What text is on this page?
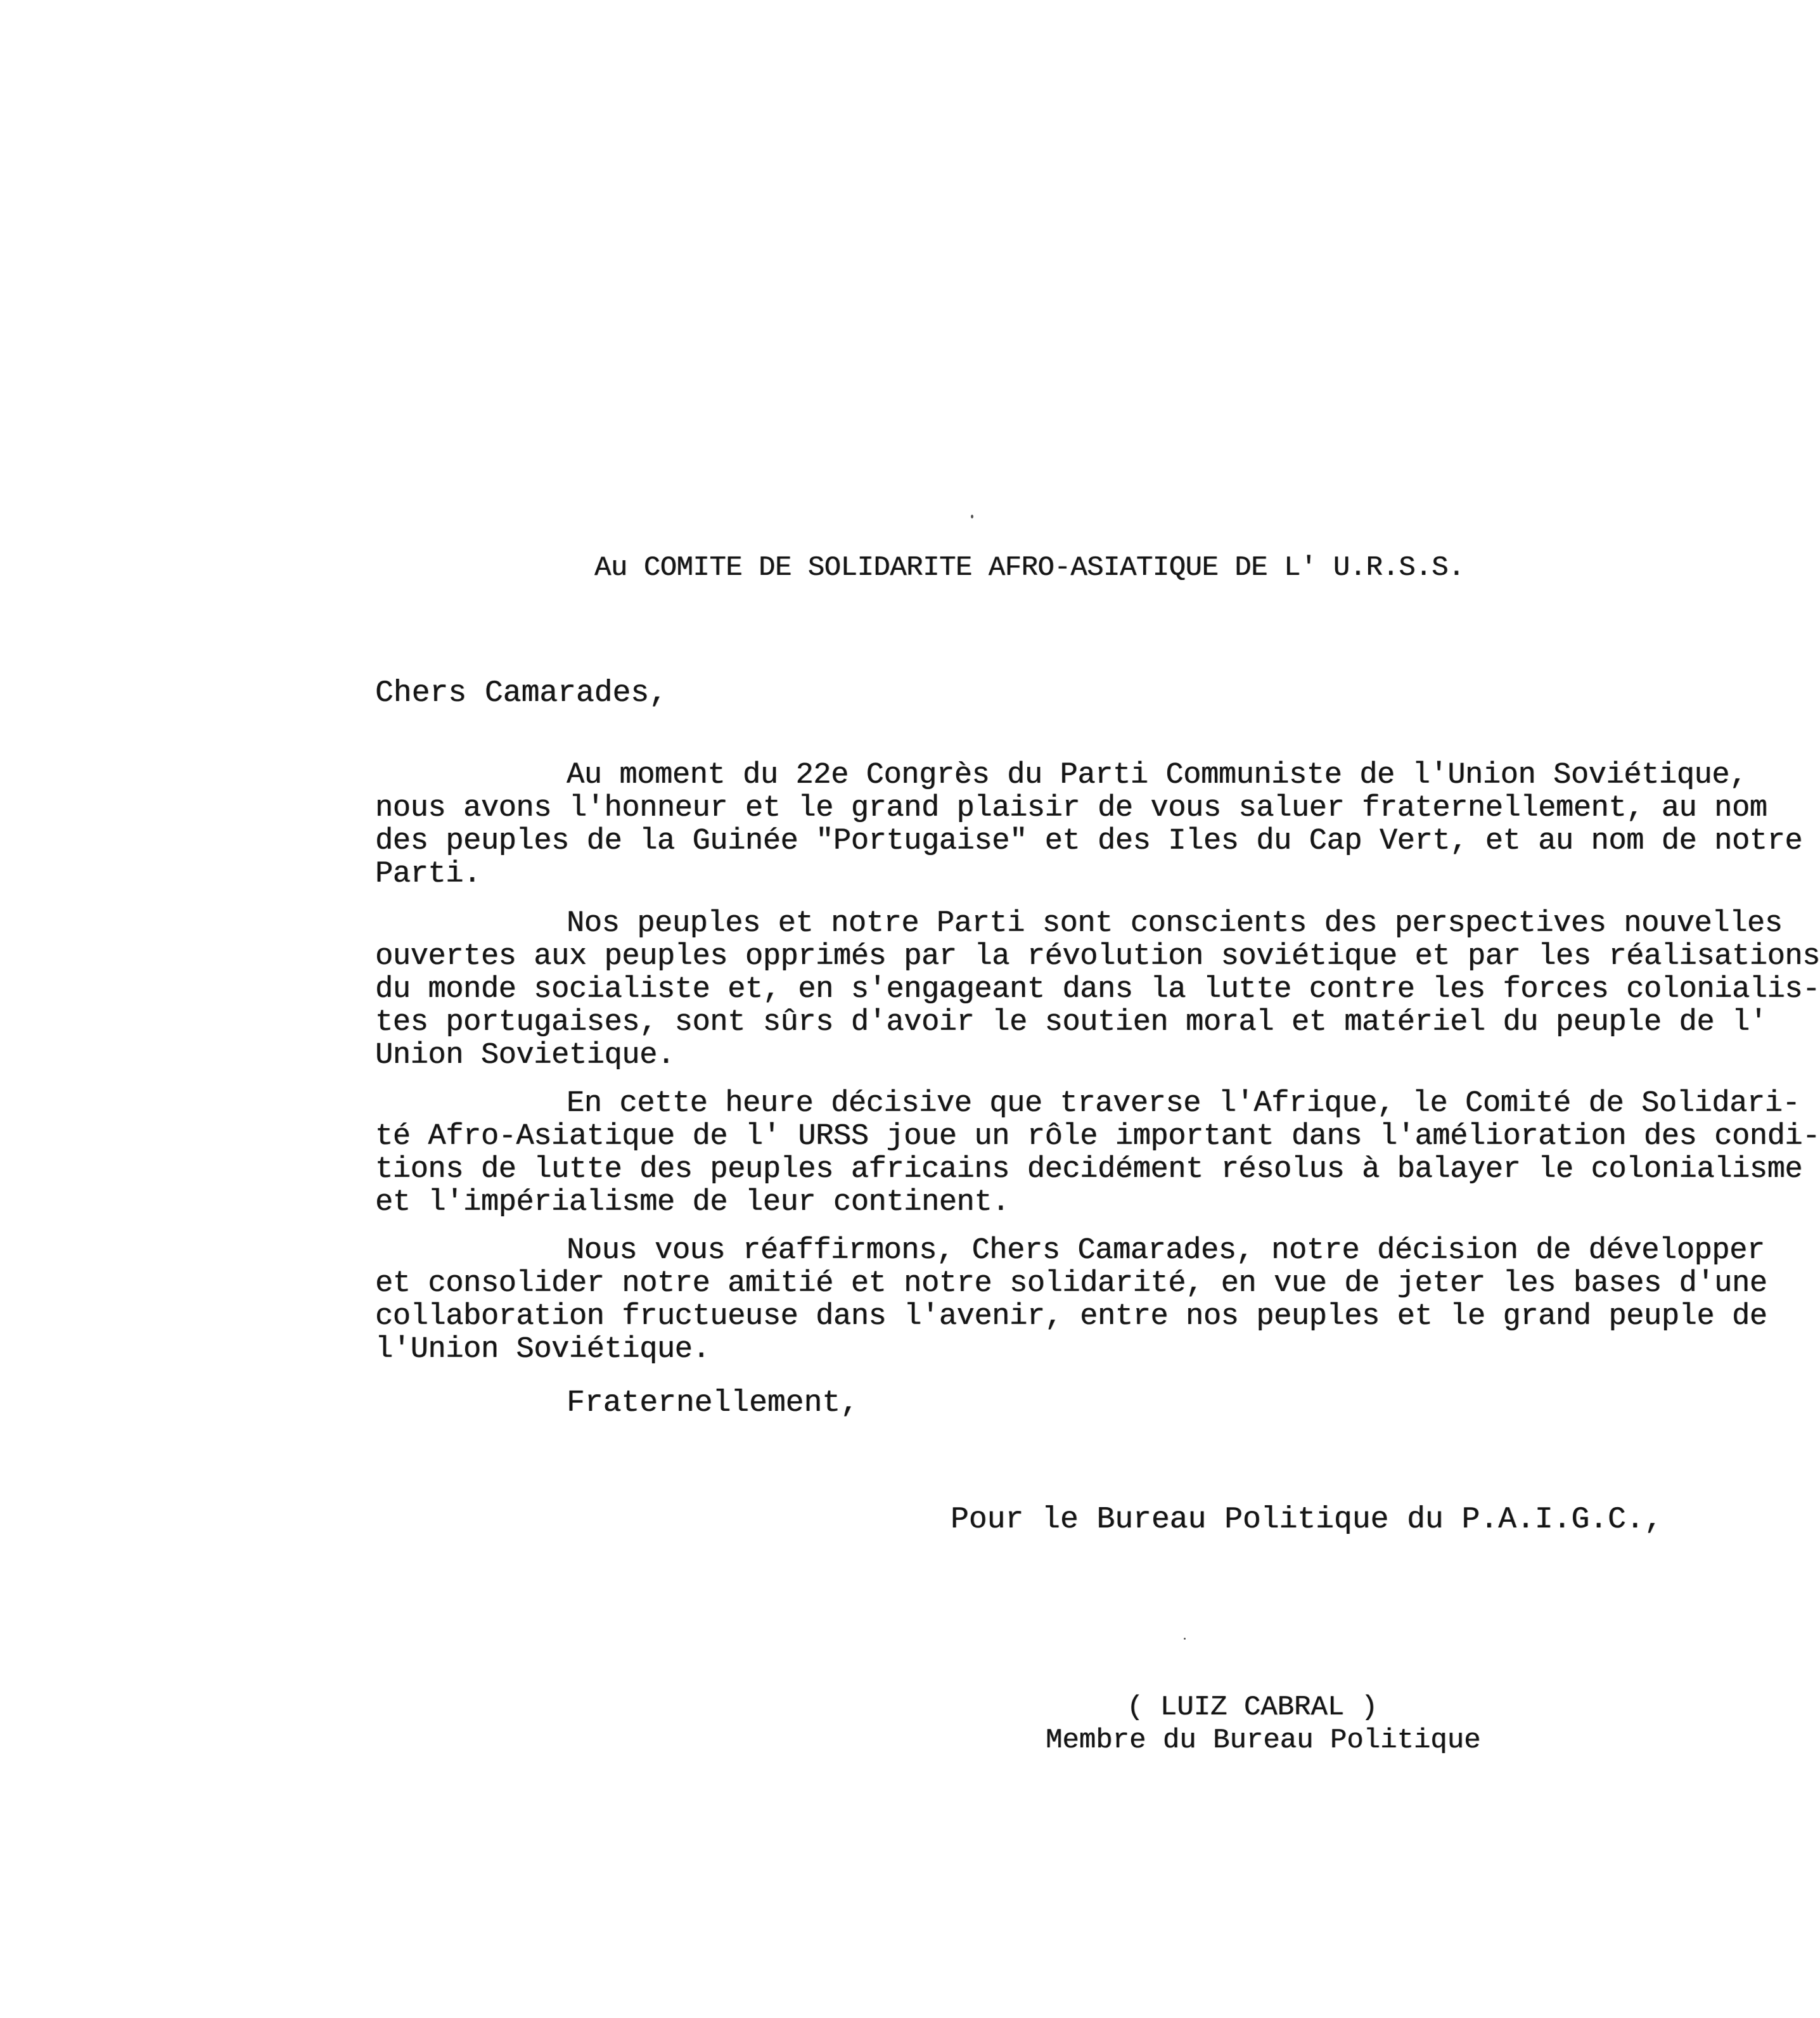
Au COMITE DE SOLIDARITE AFRO-ASIATIQUE DE L' U.R.S.S.
Chers Camarades,
Au moment du 22e Congrès du Parti Communiste de l'Union Soviétique,
nous avons l'honneur et le grand plaisir de vous saluer fraternellement, au nom
des peuples de la Guinée "Portugaise" et des Iles du Cap Vert, et au nom de notre
Parti.
Nos peuples et notre Parti sont conscients des perspectives nouvelles
ouvertes aux peuples opprimés par la révolution soviétique et par les réalisations
du monde socialiste et, en s'engageant dans la lutte contre les forces colonialis-
tes portugaises, sont sûrs d'avoir le soutien moral et matériel du peuple de l'
Union Sovietique.
En cette heure décisive que traverse l'Afrique, le Comité de Solidari-
té Afro-Asiatique de l' URSS joue un rôle important dans l'amélioration des condi-
tions de lutte des peuples africains decidément résolus à balayer le colonialisme
et l'impérialisme de leur continent.
Nous vous réaffirmons, Chers Camarades, notre décision de développer
et consolider notre amitié et notre solidarité, en vue de jeter les bases d'une
collaboration fructueuse dans l'avenir, entre nos peuples et le grand peuple de
l'Union Soviétique.
Fraternellement,
Pour le Bureau Politique du P.A.I.G.C.,
( LUIZ CABRAL )
Membre du Bureau Politique
